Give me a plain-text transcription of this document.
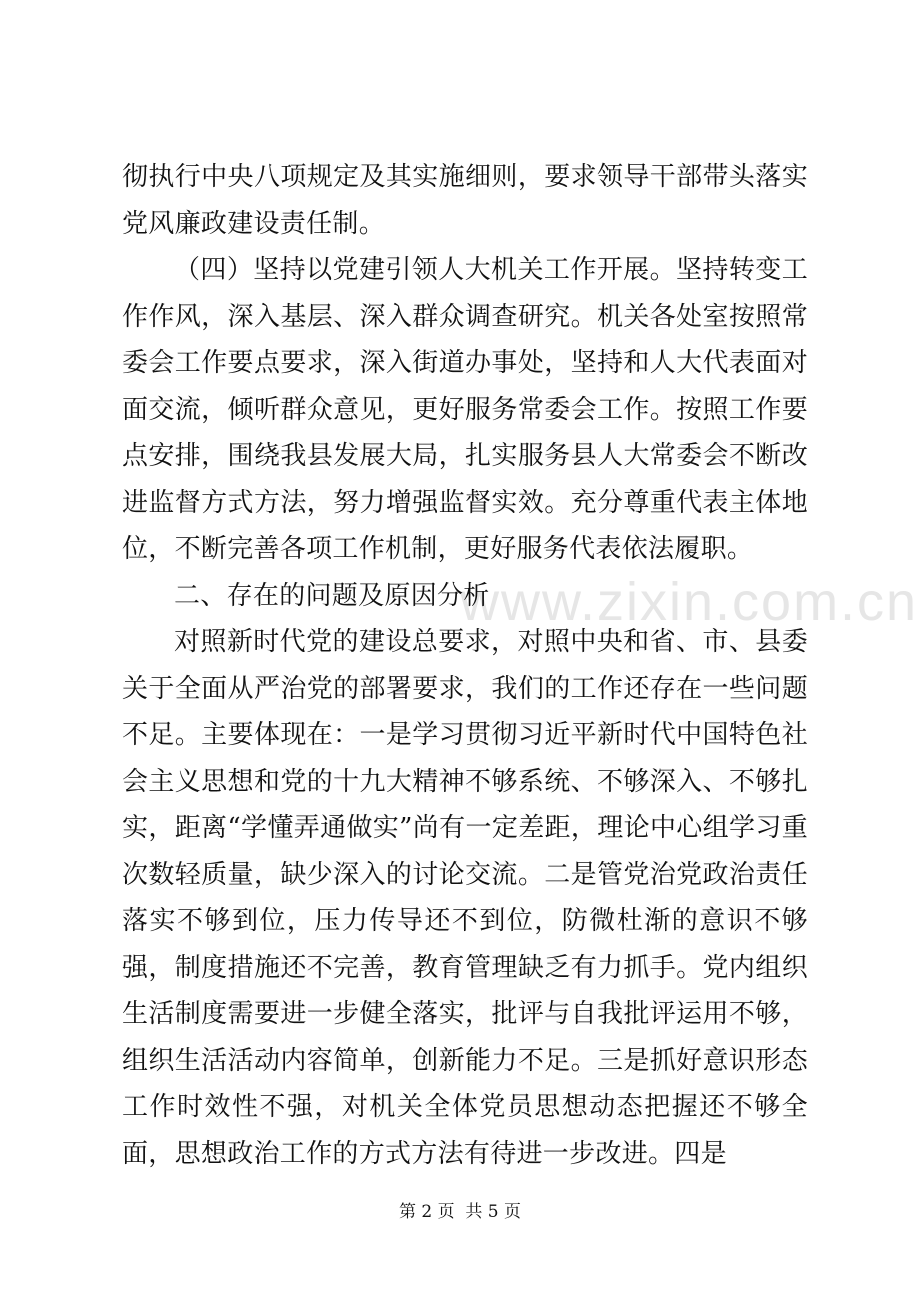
www.zixin.com.cn

彻执行中央八项规定及其实施细则，要求领导干部带头落实党风廉政建设责任制。

（四）坚持以党建引领人大机关工作开展。坚持转变工作作风，深入基层、深入群众调查研究。机关各处室按照常委会工作要点要求，深入街道办事处，坚持和人大代表面对面交流，倾听群众意见，更好服务常委会工作。按照工作要点安排，围绕我县发展大局，扎实服务县人大常委会不断改进监督方式方法，努力增强监督实效。充分尊重代表主体地位，不断完善各项工作机制，更好服务代表依法履职。

二、存在的问题及原因分析

对照新时代党的建设总要求，对照中央和省、市、县委关于全面从严治党的部署要求，我们的工作还存在一些问题不足。主要体现在：一是学习贯彻习近平新时代中国特色社会主义思想和党的十九大精神不够系统、不够深入、不够扎实，距离“学懂弄通做实”尚有一定差距，理论中心组学习重次数轻质量，缺少深入的讨论交流。二是管党治党政治责任落实不够到位，压力传导还不到位，防微杜渐的意识不够强，制度措施还不完善，教育管理缺乏有力抓手。党内组织生活制度需要进一步健全落实，批评与自我批评运用不够，组织生活活动内容简单，创新能力不足。三是抓好意识形态工作时效性不强，对机关全体党员思想动态把握还不够全面，思想政治工作的方式方法有待进一步改进。四是

第 2 页  共 5 页
